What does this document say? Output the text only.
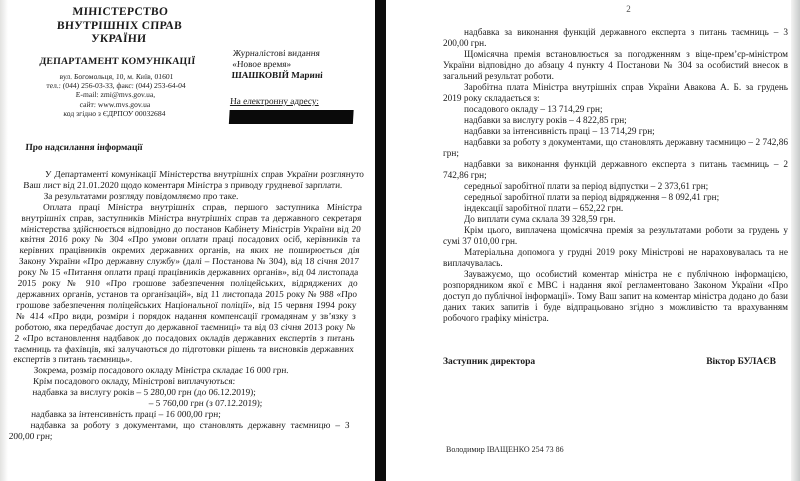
МІНІСТЕРСТВО
ВНУТРІШНІХ СПРАВ
УКРАЇНИ
ДЕПАРТАМЕНТ КОМУНІКАЦІЇ
вул. Богомольця, 10, м. Київ, 01601
тел.: (044) 256-03-33, факс: (044) 253-64-04
E-mail: zmi@mvs.gov.ua,
сайт: www.mvs.gov.ua
код згідно з ЄДРПОУ 00032684
Журналістові видання
«Новое время»
ШАШКОВІЙ Марині
На електронну адресу:
Про надсилання інформації

У Департаменті комунікації Міністерства внутрішніх справ України розглянуто Ваш лист від 21.01.2020 щодо коментаря Міністра з приводу грудневої зарплати.

За результатами розгляду повідомляємо про таке.

Оплата праці Міністра внутрішніх справ, першого заступника Міністра внутрішніх справ, заступників Міністра внутрішніх справ та державного секретаря міністерства здійснюється відповідно до постанов Кабінету Міністрів України від 20 квітня 2016 року № 304 «Про умови оплати праці посадових осіб, керівників та керівних працівників окремих державних органів, на яких не поширюється дія Закону України «Про державну службу» (далі – Постанова № 304), від 18 січня 2017 року № 15 «Питання оплати праці працівників державних органів», від 04 листопада 2015 року № 910 «Про грошове забезпечення поліцейських, відряджених до державних органів, установ та організацій», від 11 листопада 2015 року № 988 «Про грошове забезпечення поліцейських Національної поліції», від 15 червня 1994 року № 414 «Про види, розміри і порядок надання компенсації громадянам у зв’язку з роботою, яка передбачає доступ до державної таємниці» та від 03 січня 2013 року № 2 «Про встановлення надбавок до посадових окладів державних експертів з питань таємниць та фахівців, які залучаються до підготовки рішень та висновків державних експертів з питань таємниць».

Зокрема, розмір посадового окладу Міністра складає 16 000 грн.

Крім посадового окладу, Міністрові виплачуються:

надбавка за вислугу років – 5 280,00 грн (до 06.12.2019);

– 5 760,00 грн (з 07.12.2019);

надбавка за інтенсивність праці – 16 000,00 грн;

надбавка за роботу з документами, що становлять державну таємницю – 3 200,00 грн;

2

надбавка за виконання функцій державного експерта з питань таємниць – 3 200,00 грн.

Щомісячна премія встановлюється за погодженням з віце-прем’єр-міністром України відповідно до абзацу 4 пункту 4 Постанови № 304 за особистий внесок в загальний результат роботи.

Заробітна плата Міністра внутрішніх справ України Авакова А. Б. за грудень 2019 року складається з:

посадового окладу – 13 714,29 грн;

надбавки за вислугу років – 4 822,85 грн;

надбавки за інтенсивність праці – 13 714,29 грн;

надбавки за роботу з документами, що становлять державну таємницю – 2 742,86 грн;

надбавки за виконання функцій державного експерта з питань таємниць – 2 742,86 грн;

середньої заробітної плати за період відпустки – 2 373,61 грн;

середньої заробітної плати за період відрядження – 8 092,41 грн;

індексації заробітної плати – 652,22 грн.

До виплати сума склала 39 328,59 грн.

Крім цього, виплачена щомісячна премія за результатами роботи за грудень у сумі 37 010,00 грн.

Матеріальна допомога у грудні 2019 року Міністрові не нараховувалась та не виплачувалась.

Зауважуємо, що особистий коментар міністра не є публічною інформацією, розпорядником якої є МВС і надання якої регламентовано Законом України «Про доступ до публічної інформації». Тому Ваш запит на коментар міністра додано до бази даних таких запитів і буде відпрацьовано згідно з можливістю та врахуванням робочого графіку міністра.

Заступник директора	Віктор БУЛАЄВ
Володимир ІВАЩЕНКО 254 73 86
